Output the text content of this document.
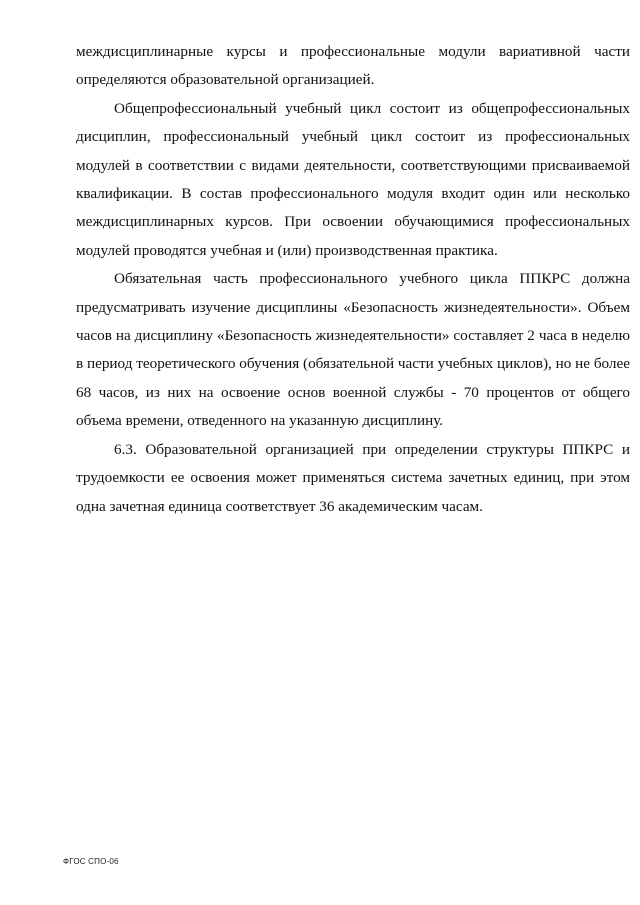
междисциплинарные курсы и профессиональные модули вариативной части определяются образовательной организацией.

Общепрофессиональный учебный цикл состоит из общепрофессиональных дисциплин, профессиональный учебный цикл состоит из профессиональных модулей в соответствии с видами деятельности, соответствующими присваиваемой квалификации. В состав профессионального модуля входит один или несколько междисциплинарных курсов. При освоении обучающимися профессиональных модулей проводятся учебная и (или) производственная практика.

Обязательная часть профессионального учебного цикла ППКРС должна предусматривать изучение дисциплины «Безопасность жизнедеятельности». Объем часов на дисциплину «Безопасность жизнедеятельности» составляет 2 часа в неделю в период теоретического обучения (обязательной части учебных циклов), но не более 68 часов, из них на освоение основ военной службы - 70 процентов от общего объема времени, отведенного на указанную дисциплину.

6.3. Образовательной организацией при определении структуры ППКРС и трудоемкости ее освоения может применяться система зачетных единиц, при этом одна зачетная единица соответствует 36 академическим часам.

ФГОС СПО-06
